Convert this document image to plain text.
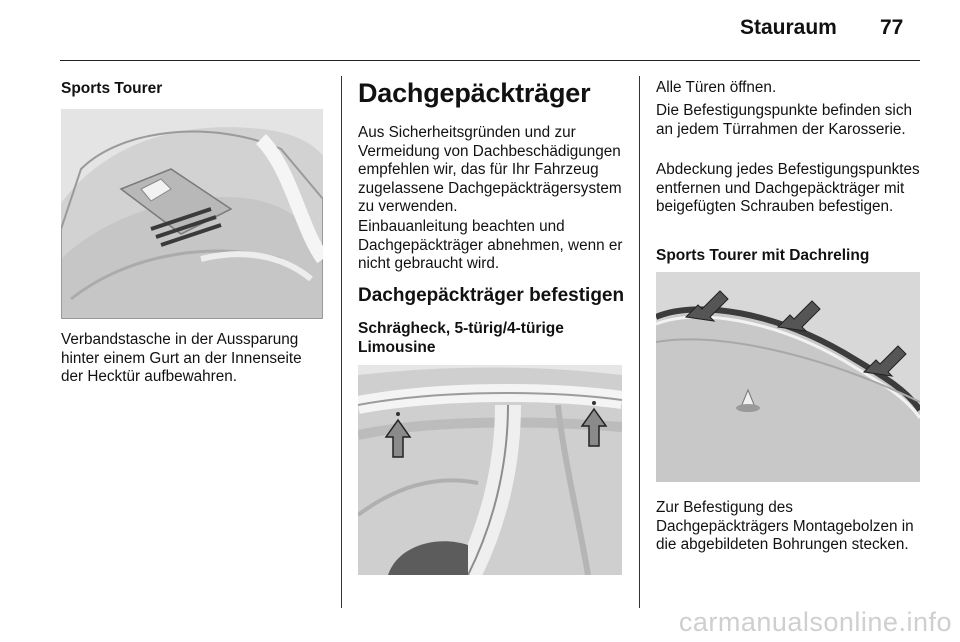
Stauraum 77
Sports Tourer

Verbandstasche in der Aussparung hinter einem Gurt an der Innenseite der Hecktür aufbewahren.

Dachgepäckträger

Aus Sicherheitsgründen und zur Vermeidung von Dachbeschädigungen empfehlen wir, das für Ihr Fahrzeug zugelassene Dachgepäckträgersystem zu verwenden.

Einbauanleitung beachten und Dachgepäckträger abnehmen, wenn er nicht gebraucht wird.

Dachgepäckträger befestigen
Schrägheck, 5-türig/4-türige Limousine

Alle Türen öffnen.

Die Befestigungspunkte befinden sich an jedem Türrahmen der Karosserie.

Abdeckung jedes Befestigungspunktes entfernen und Dachgepäckträger mit beigefügten Schrauben befestigen.

Sports Tourer mit Dachreling

Zur Befestigung des Dachgepäckträgers Montagebolzen in die abgebildeten Bohrungen stecken.

carmanualsonline.info
